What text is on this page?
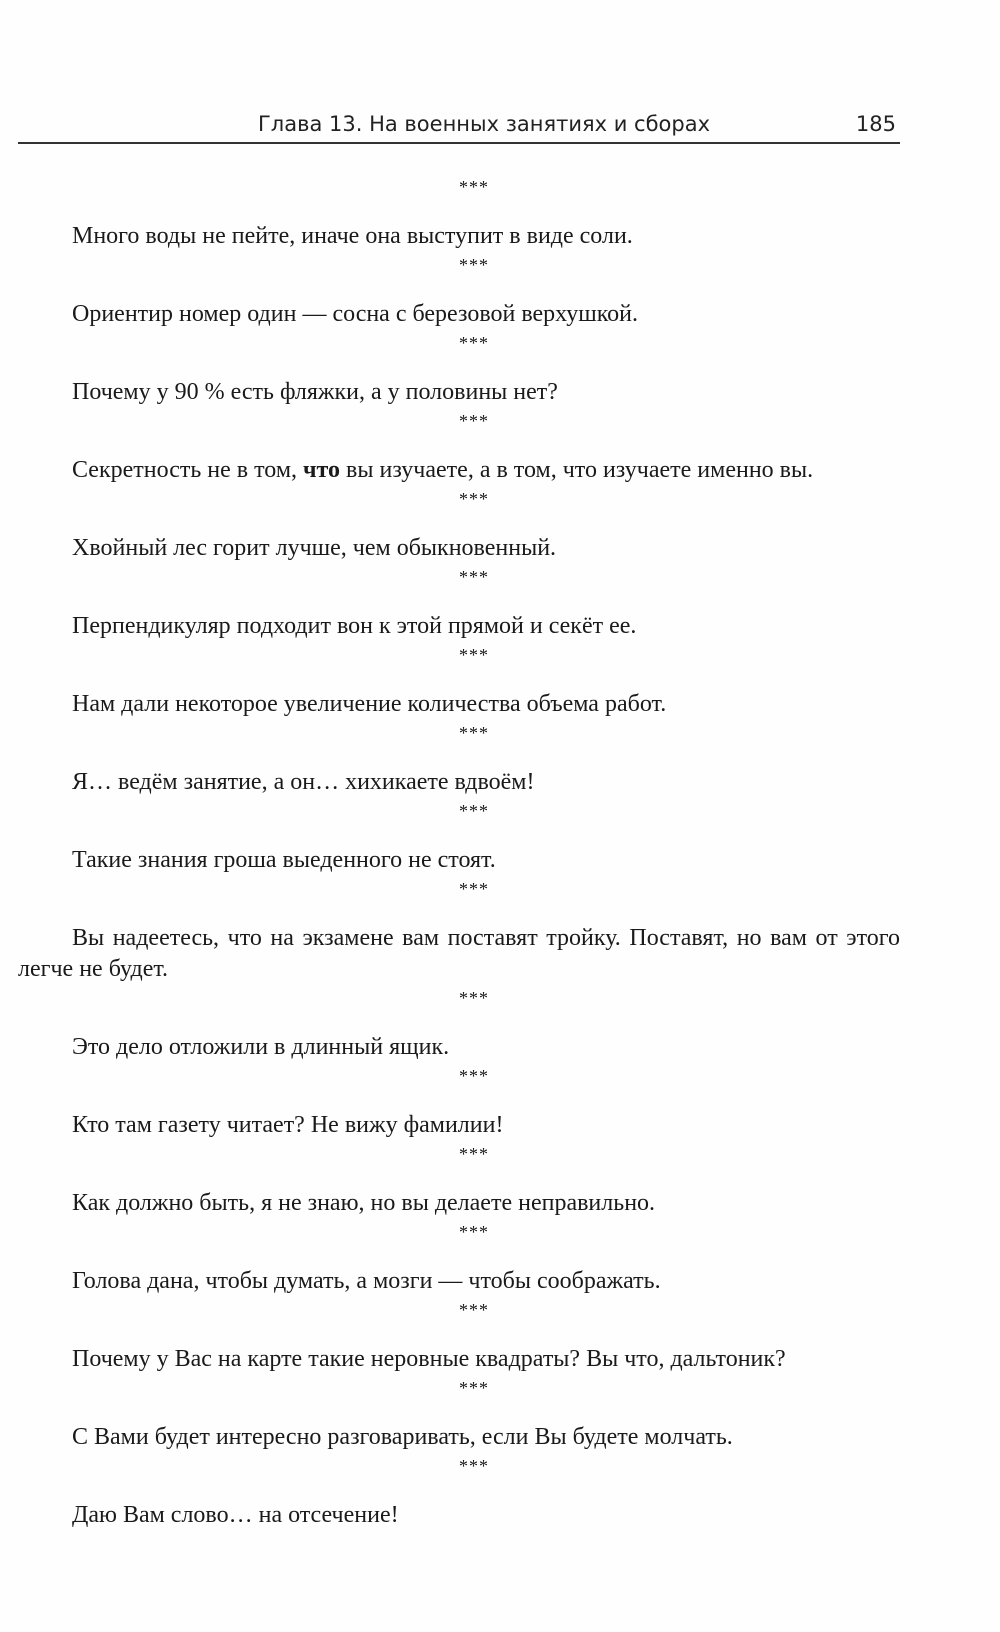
Глава 13. На военных занятиях и сборах	185
***

Много воды не пейте, иначе она выступит в виде соли.

***

Ориентир номер один — сосна с березовой верхушкой.

***

Почему у 90 % есть фляжки, а у половины нет?

***

Секретность не в том, что вы изучаете, а в том, что изучаете именно вы.

***

Хвойный лес горит лучше, чем обыкновенный.

***

Перпендикуляр подходит вон к этой прямой и секёт ее.

***

Нам дали некоторое увеличение количества объема работ.

***

Я… ведём занятие, а он… хихикаете вдвоём!

***

Такие знания гроша выеденного не стоят.

***

Вы надеетесь, что на экзамене вам поставят тройку. Поставят, но вам от этого легче не будет.

***

Это дело отложили в длинный ящик.

***

Кто там газету читает? Не вижу фамилии!

***

Как должно быть, я не знаю, но вы делаете неправильно.

***

Голова дана, чтобы думать, а мозги — чтобы соображать.

***

Почему у Вас на карте такие неровные квадраты? Вы что, дальтоник?

***

С Вами будет интересно разговаривать, если Вы будете молчать.

***

Даю Вам слово… на отсечение!
